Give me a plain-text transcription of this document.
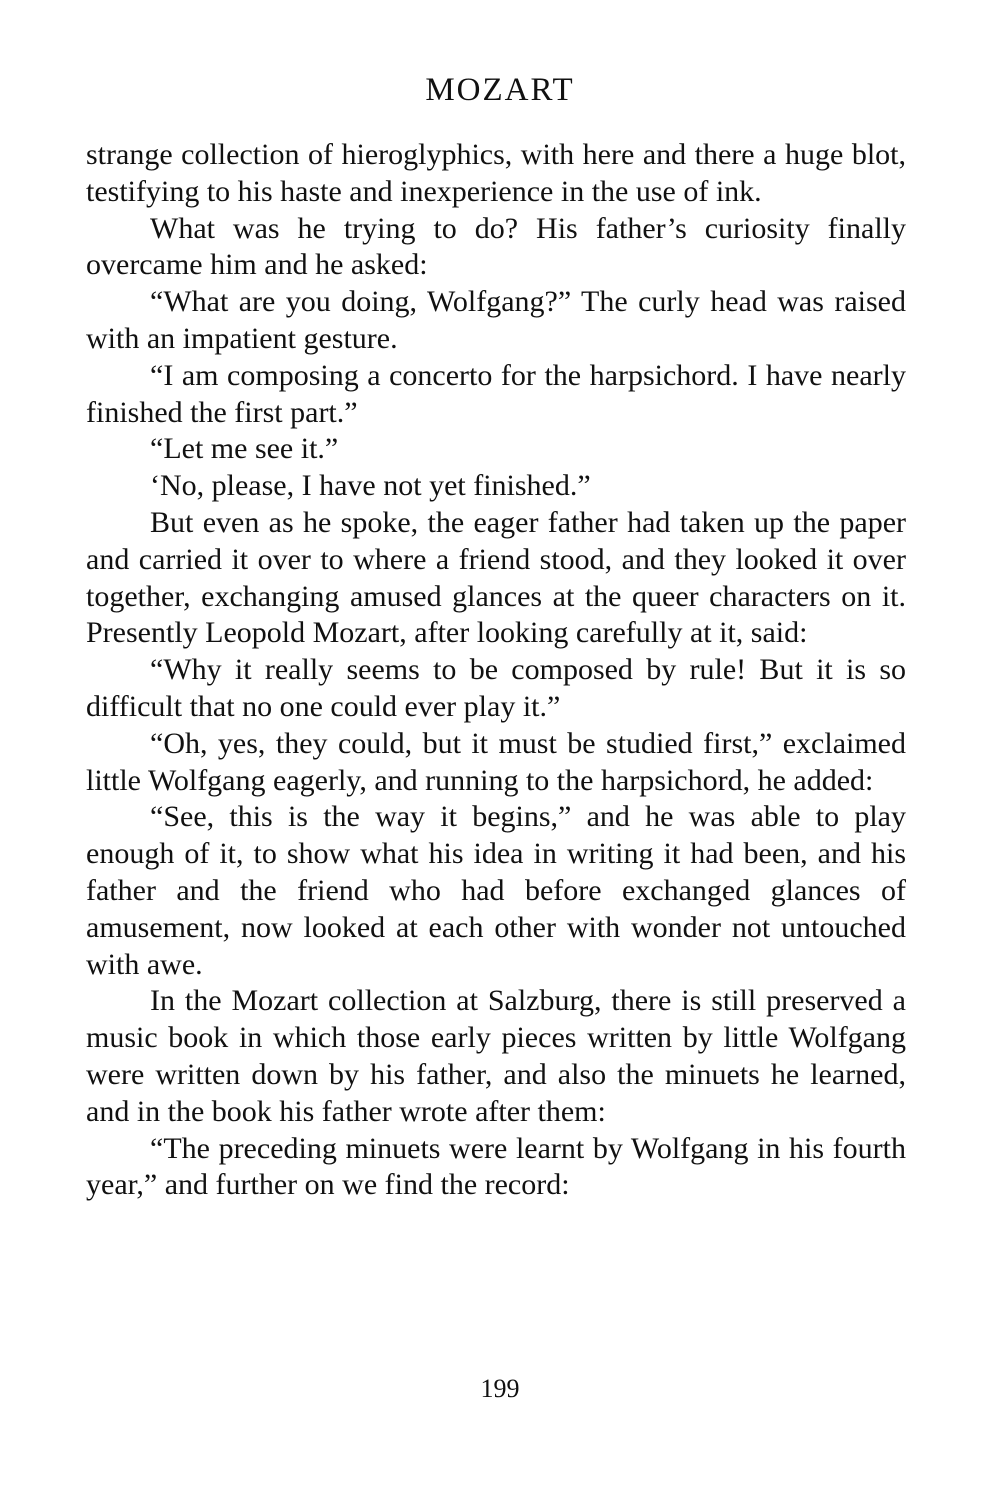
MOZART

strange collection of hieroglyphics, with here and there a huge blot, testifying to his haste and inexperience in the use of ink.

What was he trying to do? His father’s curiosity finally overcame him and he asked:

“What are you doing, Wolfgang?” The curly head was raised with an impatient gesture.

“I am composing a concerto for the harpsichord. I have nearly finished the first part.”

“Let me see it.”

‘No, please, I have not yet finished.”

But even as he spoke, the eager father had taken up the paper and carried it over to where a friend stood, and they looked it over together, exchanging amused glances at the queer characters on it. Presently Leopold Mozart, after looking carefully at it, said:

“Why it really seems to be composed by rule! But it is so difficult that no one could ever play it.”

“Oh, yes, they could, but it must be studied first,” exclaimed little Wolfgang eagerly, and running to the harpsichord, he added:

“See, this is the way it begins,” and he was able to play enough of it, to show what his idea in writing it had been, and his father and the friend who had before exchanged glances of amusement, now looked at each other with wonder not untouched with awe.

In the Mozart collection at Salzburg, there is still preserved a music book in which those early pieces written by little Wolfgang were written down by his father, and also the minuets he learned, and in the book his father wrote after them:

“The preceding minuets were learnt by Wolfgang in his fourth year,” and further on we find the record:

199
